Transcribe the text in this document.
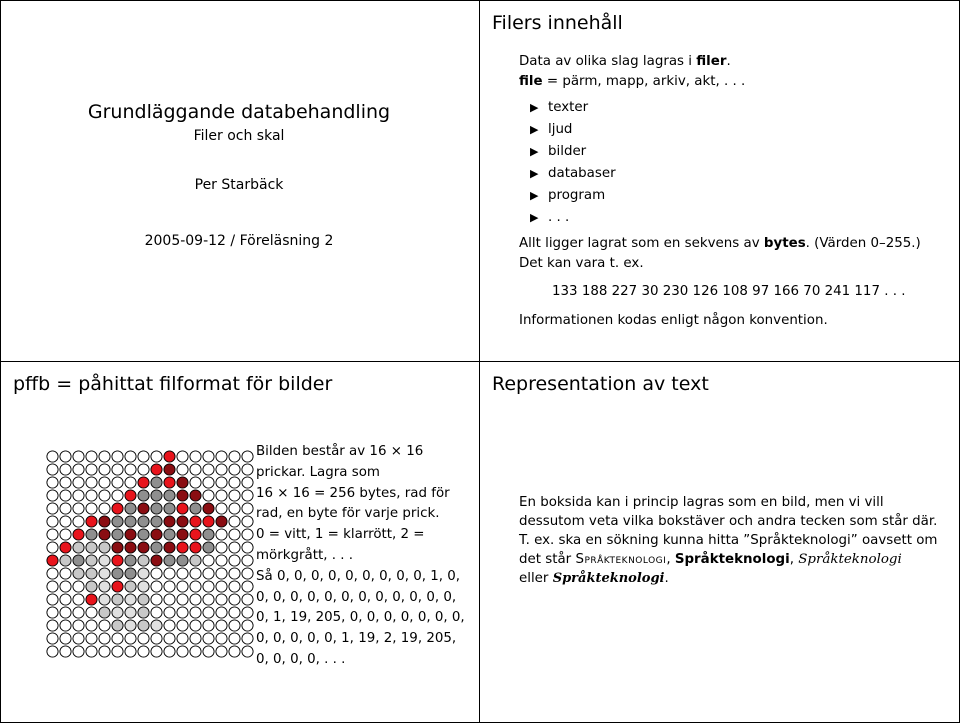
Grundläggande databehandling
Filer och skal
Per Starbäck
2005-09-12 / Föreläsning 2
Filers innehåll
Data av olika slag lagras i filer.
file = pärm, mapp, arkiv, akt, . . .
▶ texter
▶ ljud
▶ bilder
▶ databaser
▶ program
▶ . . .
Allt ligger lagrat som en sekvens av bytes. (Värden 0–255.)
Det kan vara t. ex.
133 188 227 30 230 126 108 97 166 70 241 117 . . .
Informationen kodas enligt någon konvention.
pffb = påhittat filformat för bilder
Bilden består av 16 × 16
prickar. Lagra som
16 × 16 = 256 bytes, rad för
rad, en byte för varje prick.
0 = vitt, 1 = klarrött, 2 =
mörkgrått, . . .
Så 0, 0, 0, 0, 0, 0, 0, 0, 0, 1, 0,
0, 0, 0, 0, 0, 0, 0, 0, 0, 0, 0, 0,
0, 1, 19, 205, 0, 0, 0, 0, 0, 0, 0,
0, 0, 0, 0, 0, 1, 19, 2, 19, 205,
0, 0, 0, 0, . . .
Representation av text
En boksida kan i princip lagras som en bild, men vi vill
dessutom veta vilka bokstäver och andra tecken som står där.
T. ex. ska en sökning kunna hitta ”Språkteknologi” oavsett om
det står Språkteknologi, Språkteknologi, Språkteknologi
eller Språkteknologi.
